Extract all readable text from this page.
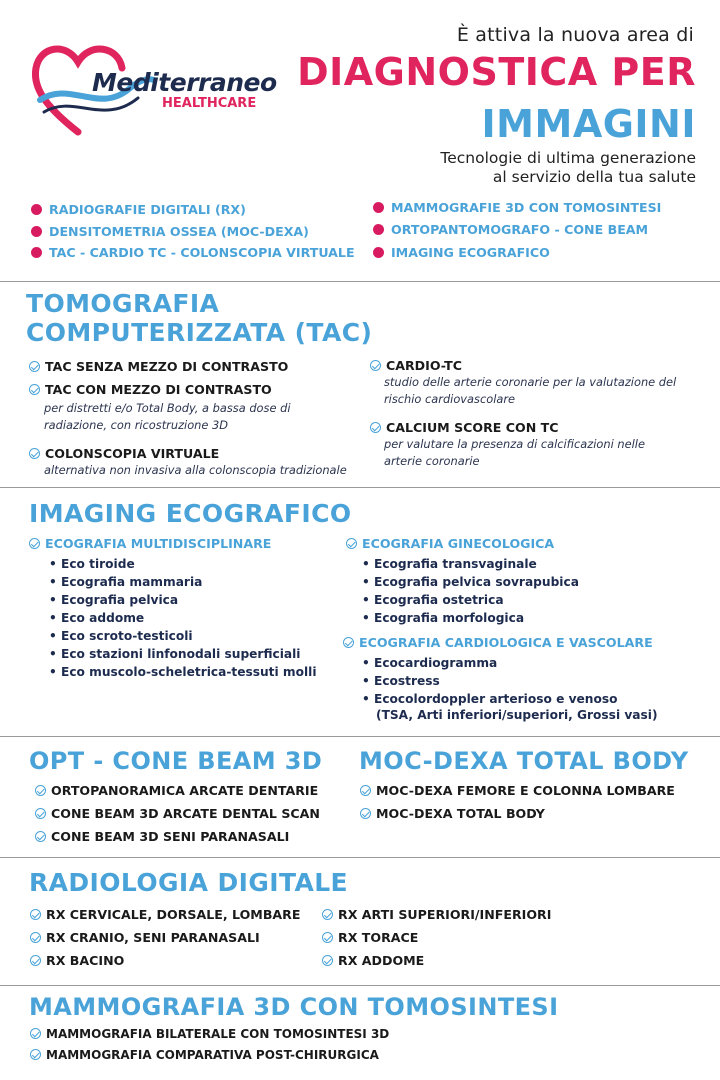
Mediterraneo
HEALTHCARE
È attiva la nuova area di
DIAGNOSTICA PER
IMMAGINI
Tecnologie di ultima generazione
al servizio della tua salute
RADIOGRAFIE DIGITALI (RX)
DENSITOMETRIA OSSEA (MOC-DEXA)
TAC - CARDIO TC - COLONSCOPIA VIRTUALE
MAMMOGRAFIE 3D CON TOMOSINTESI
ORTOPANTOMOGRAFO - CONE BEAM
IMAGING ECOGRAFICO
TOMOGRAFIA
COMPUTERIZZATA (TAC)
TAC SENZA MEZZO DI CONTRASTO
TAC CON MEZZO DI CONTRASTO
per distretti e/o Total Body, a bassa dose di radiazione, con ricostruzione 3D
COLONSCOPIA VIRTUALE
alternativa non invasiva alla colonscopia tradizionale
CARDIO-TC
studio delle arterie coronarie per la valutazione del rischio cardiovascolare
CALCIUM SCORE CON TC
per valutare la presenza di calcificazioni nelle arterie coronarie
IMAGING ECOGRAFICO
ECOGRAFIA MULTIDISCIPLINARE
• Eco tiroide
• Ecografia mammaria
• Ecografia pelvica
• Eco addome
• Eco scroto-testicoli
• Eco stazioni linfonodali superficiali
• Eco muscolo-scheletrica-tessuti molli
ECOGRAFIA GINECOLOGICA
• Ecografia transvaginale
• Ecografia pelvica sovrapubica
• Ecografia ostetrica
• Ecografia morfologica
ECOGRAFIA CARDIOLOGICA E VASCOLARE
• Ecocardiogramma
• Ecostress
• Ecocolordoppler arterioso e venoso
(TSA, Arti inferiori/superiori, Grossi vasi)
OPT - CONE BEAM 3D
ORTOPANORAMICA ARCATE DENTARIE
CONE BEAM 3D ARCATE DENTAL SCAN
CONE BEAM 3D SENI PARANASALI
MOC-DEXA TOTAL BODY
MOC-DEXA FEMORE E COLONNA LOMBARE
MOC-DEXA TOTAL BODY
RADIOLOGIA DIGITALE
RX CERVICALE, DORSALE, LOMBARE
RX CRANIO, SENI PARANASALI
RX BACINO
RX ARTI SUPERIORI/INFERIORI
RX TORACE
RX ADDOME
MAMMOGRAFIA 3D CON TOMOSINTESI
MAMMOGRAFIA BILATERALE CON TOMOSINTESI 3D
MAMMOGRAFIA COMPARATIVA POST-CHIRURGICA
